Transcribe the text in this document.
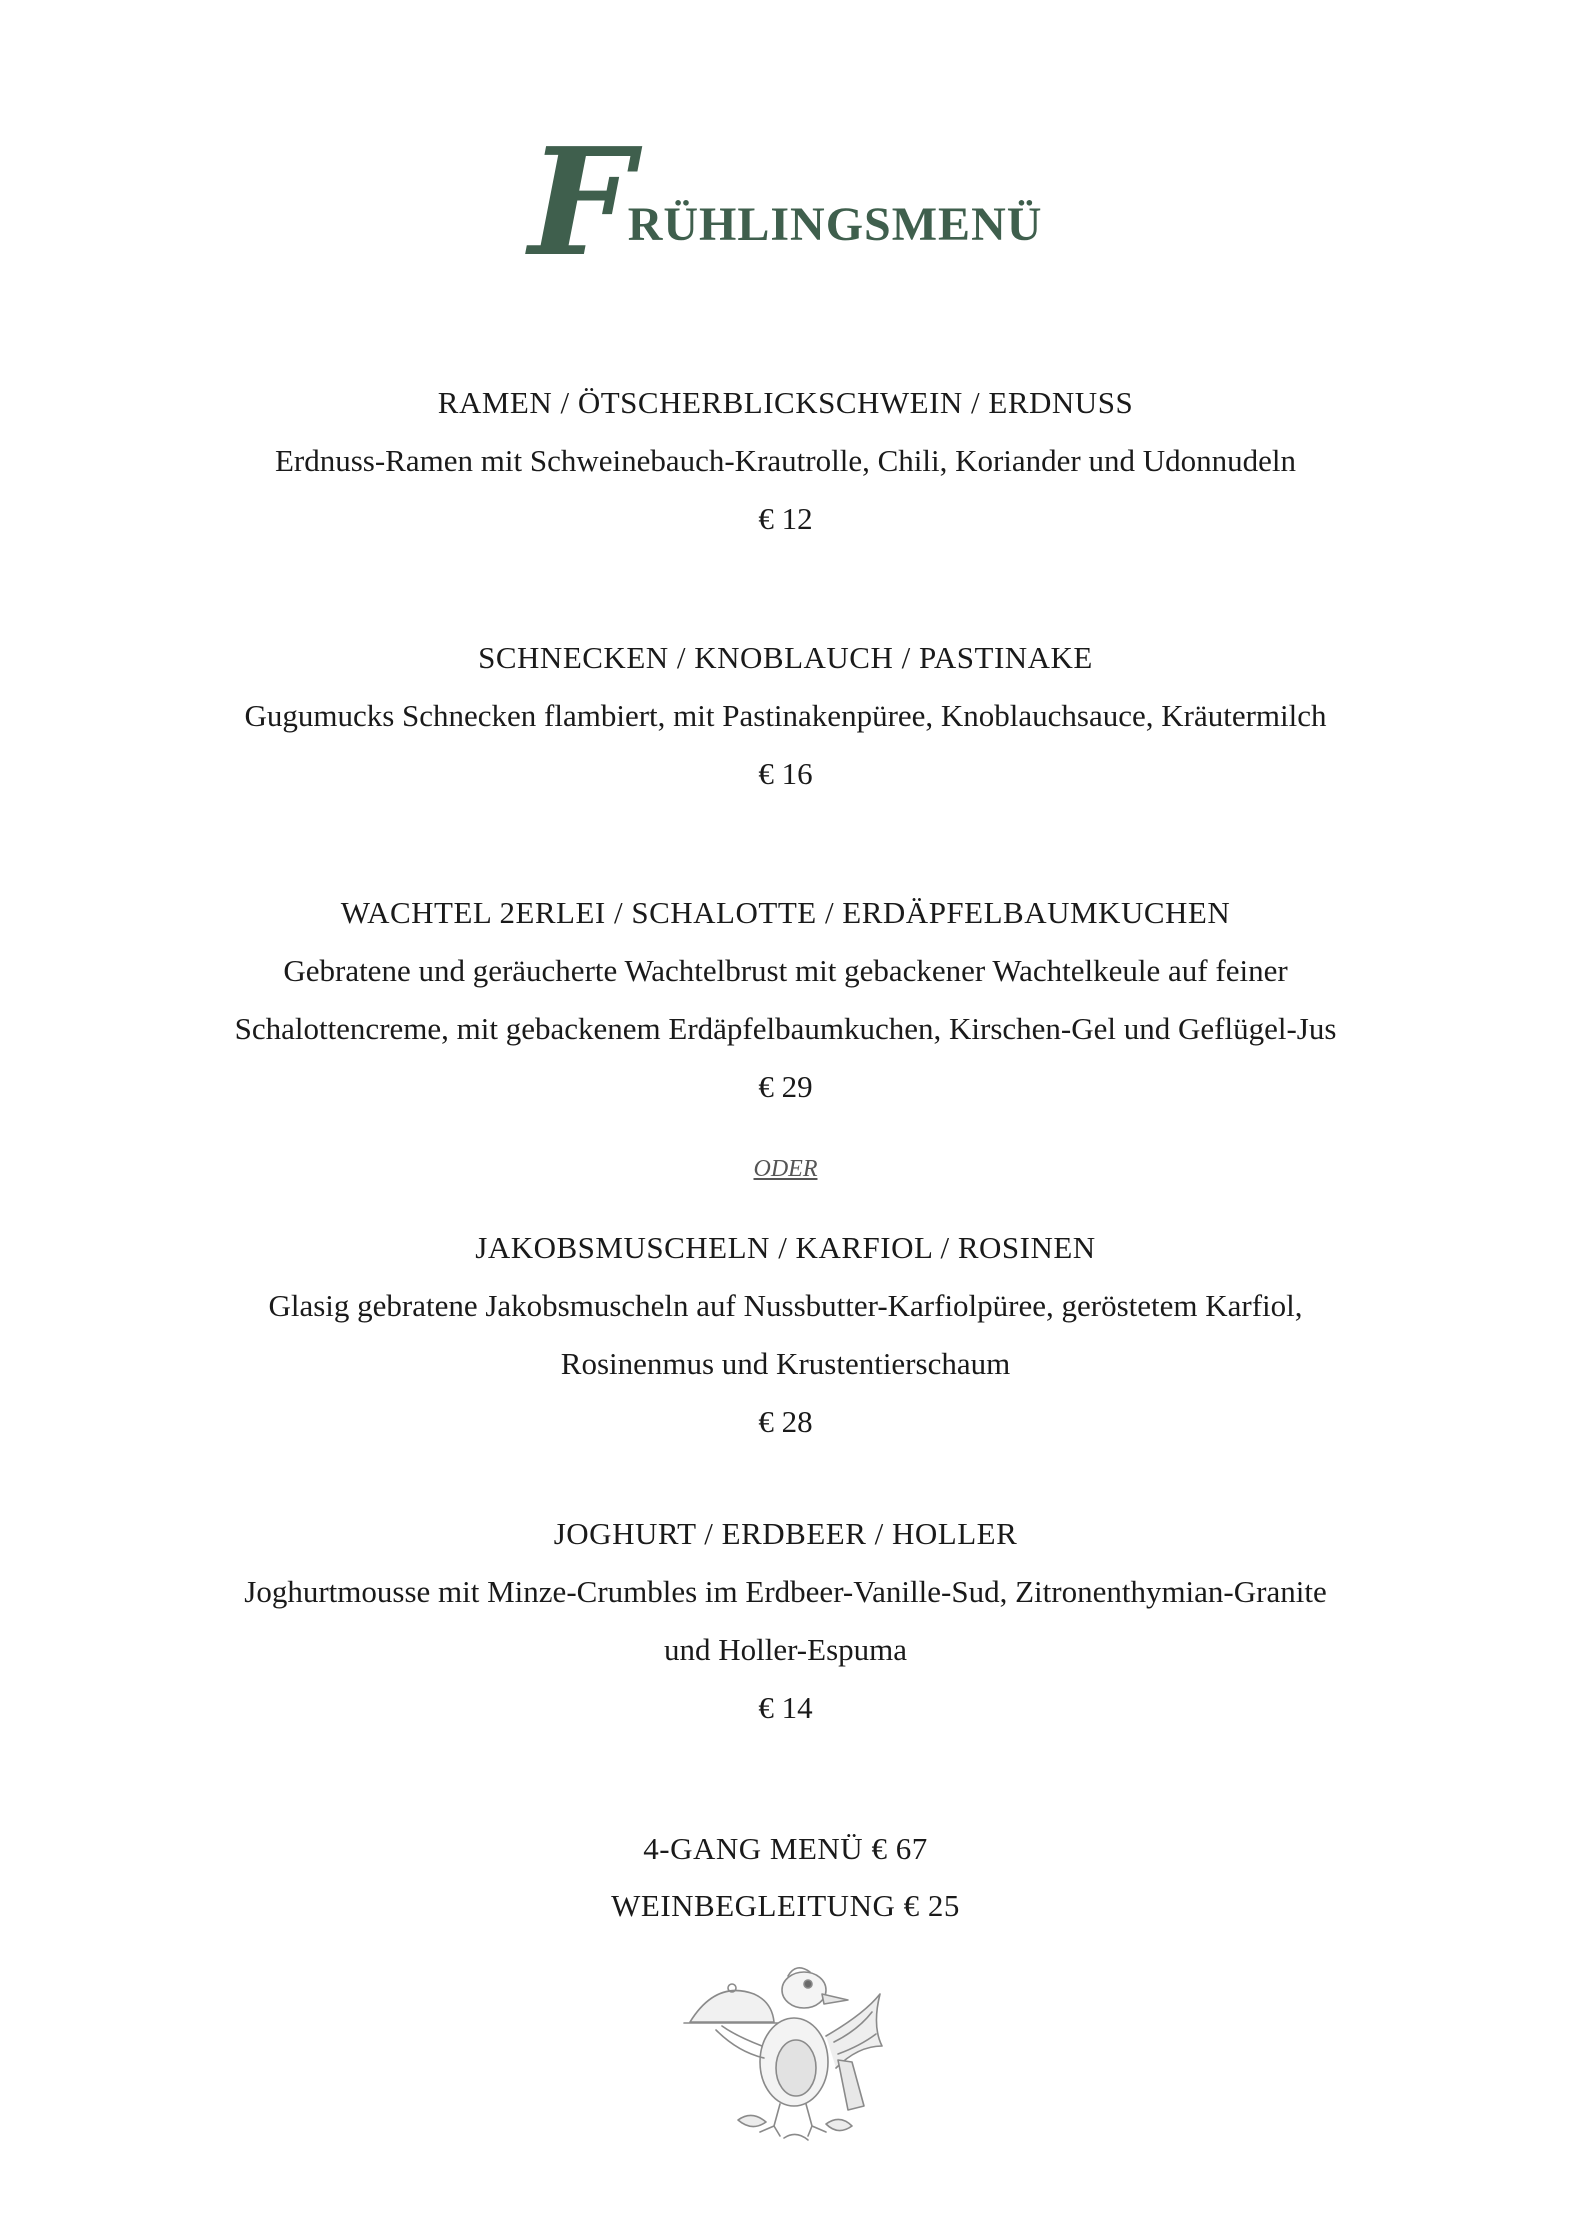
FRÜHLINGSMENÜ
RAMEN / ÖTSCHERBLICKSCHWEIN / ERDNUSS
Erdnuss-Ramen mit Schweinebauch-Krautrolle, Chili, Koriander und Udonnudeln
€ 12
SCHNECKEN / KNOBLAUCH / PASTINAKE
Gugumucks Schnecken flambiert, mit Pastinakenpüree, Knoblauchsauce, Kräutermilch
€ 16
WACHTEL 2ERLEI / SCHALOTTE / ERDÄPFELBAUMKUCHEN
Gebratene und geräucherte Wachtelbrust mit gebackener Wachtelkeule auf feiner
Schalottencreme, mit gebackenem Erdäpfelbaumkuchen, Kirschen-Gel und Geflügel-Jus
€ 29
ODER
JAKOBSMUSCHELN / KARFIOL / ROSINEN
Glasig gebratene Jakobsmuscheln auf Nussbutter-Karfiolpüree, geröstetem Karfiol,
Rosinenmus und Krustentierschaum
€ 28
JOGHURT / ERDBEER / HOLLER
Joghurtmousse mit Minze-Crumbles im Erdbeer-Vanille-Sud, Zitronenthymian-Granite
und Holler-Espuma
€ 14
4-GANG MENÜ € 67
WEINBEGLEITUNG € 25
